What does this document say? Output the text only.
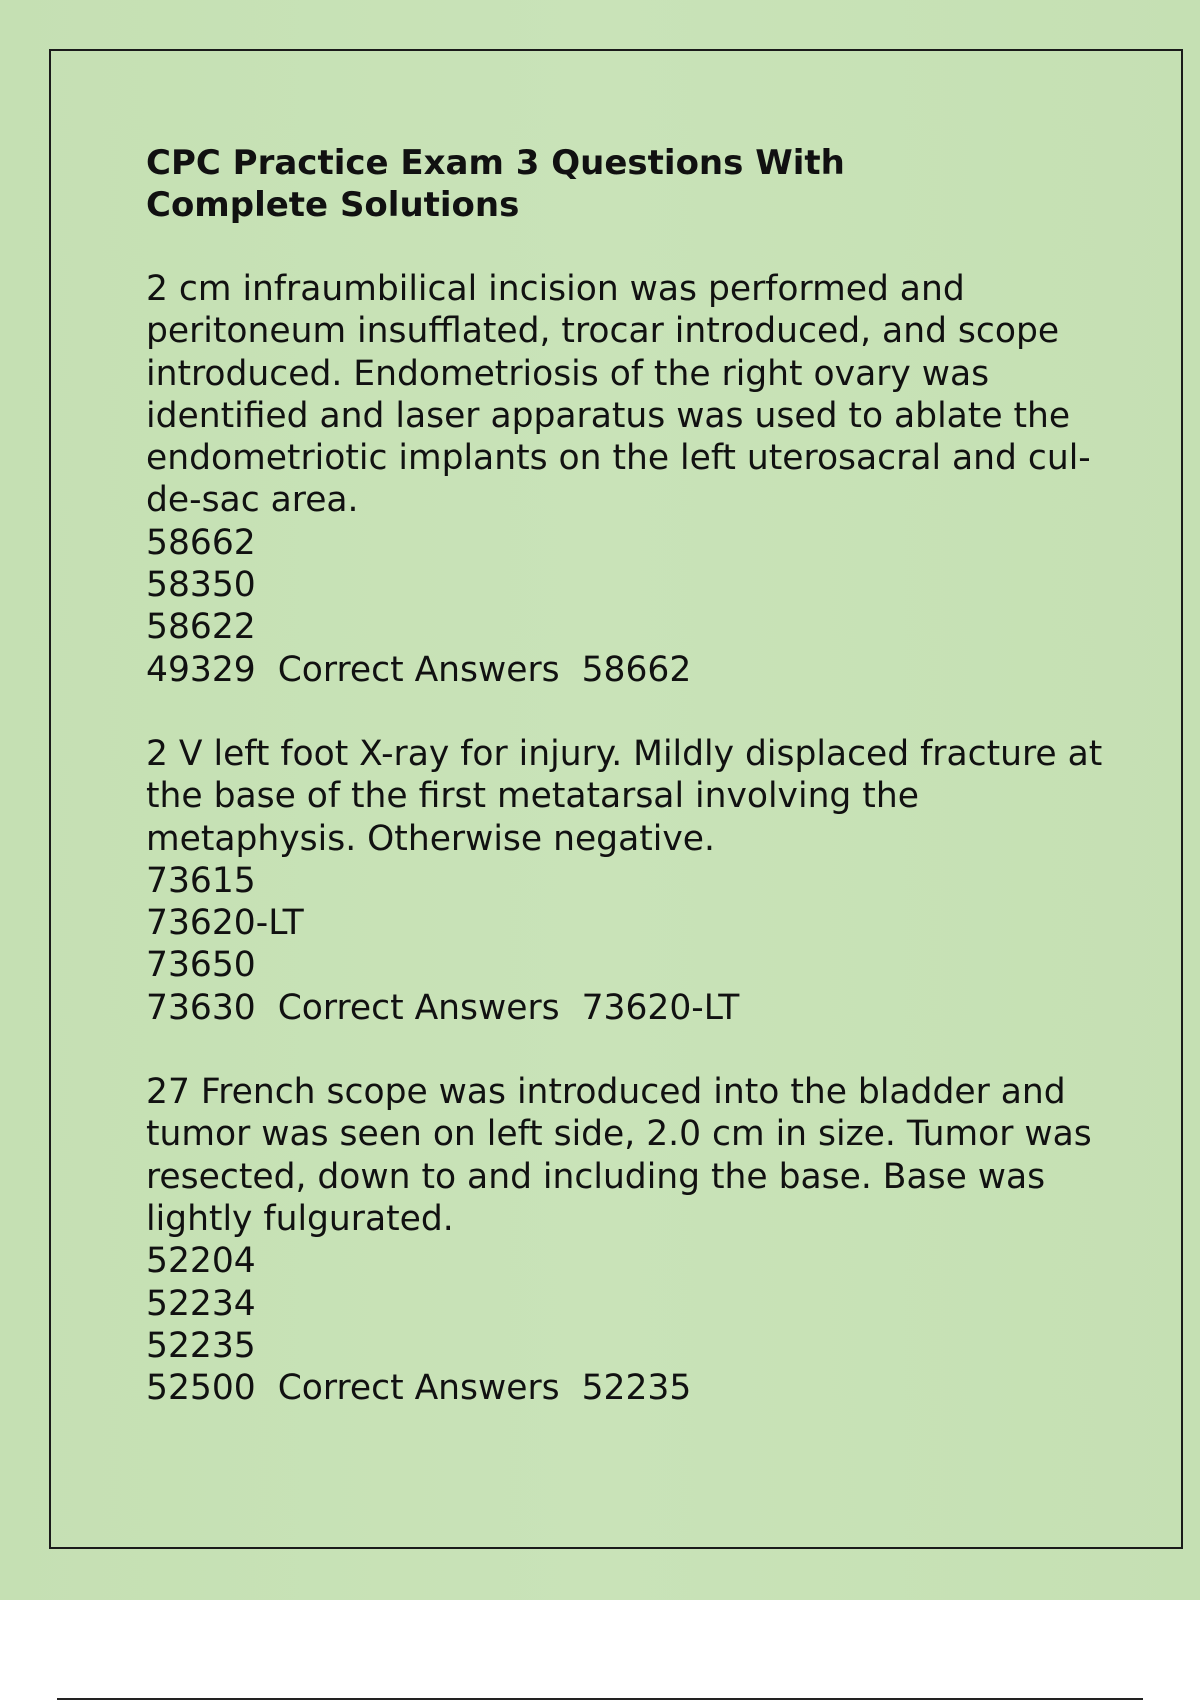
CPC Practice Exam 3 Questions With Complete Solutions

2 cm infraumbilical incision was performed and peritoneum insufflated, trocar introduced, and scope introduced. Endometriosis of the right ovary was identified and laser apparatus was used to ablate the endometriotic implants on the left uterosacral and cul-de-sac area.

58662

58350

58622

49329 Correct Answers 58662

2 V left foot X-ray for injury. Mildly displaced fracture at the base of the first metatarsal involving the metaphysis. Otherwise negative.

73615

73620-LT

73650

73630 Correct Answers 73620-LT

27 French scope was introduced into the bladder and tumor was seen on left side, 2.0 cm in size. Tumor was resected, down to and including the base. Base was lightly fulgurated.

52204

52234

52235

52500 Correct Answers 52235
